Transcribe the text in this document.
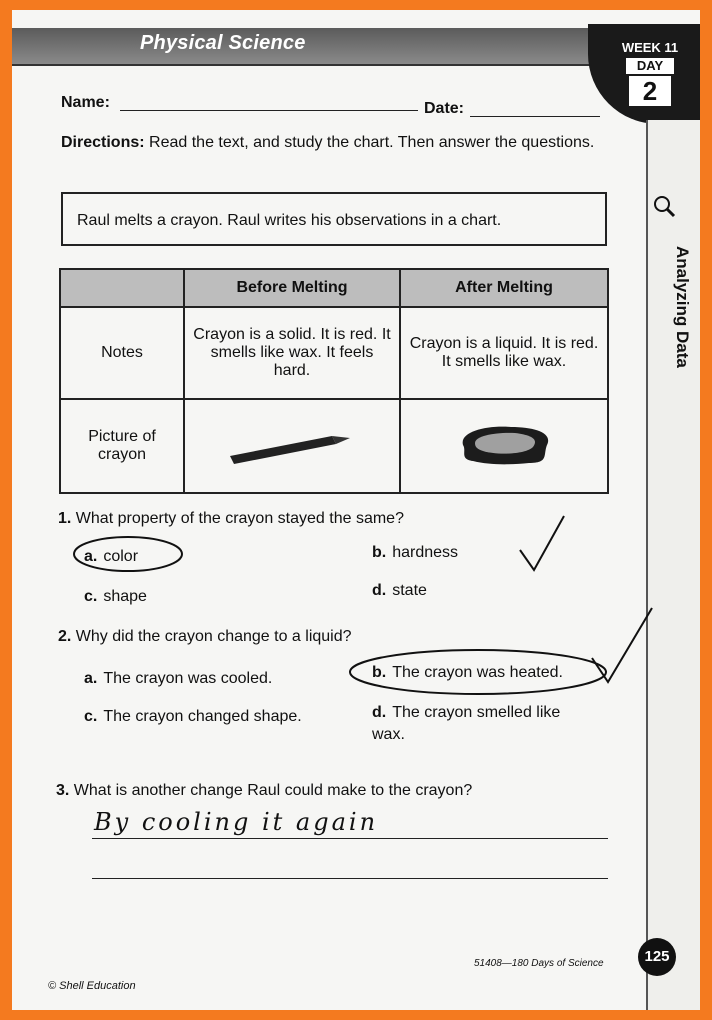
Physical Science	WEEK 11
DAY
2
Analyzing Data
Name:	Date:
Directions: Read the text, and study the chart. Then answer the questions.
Raul melts a crayon. Raul writes his observations in a chart.
	Before Melting	After Melting
Notes	Crayon is a solid. It is red. It smells like wax. It feels hard.	Crayon is a liquid. It is red. It smells like wax.
Picture of crayon		
1. What property of the crayon stayed the same?
a. color	b. hardness
c. shape	d. state
2. Why did the crayon change to a liquid?
a. The crayon was cooled.	b. The crayon was heated.
c. The crayon changed shape.	d. The crayon smelled like wax.
3. What is another change Raul could make to the crayon?
By cooling it again
125
51408—180 Days of Science
© Shell Education
